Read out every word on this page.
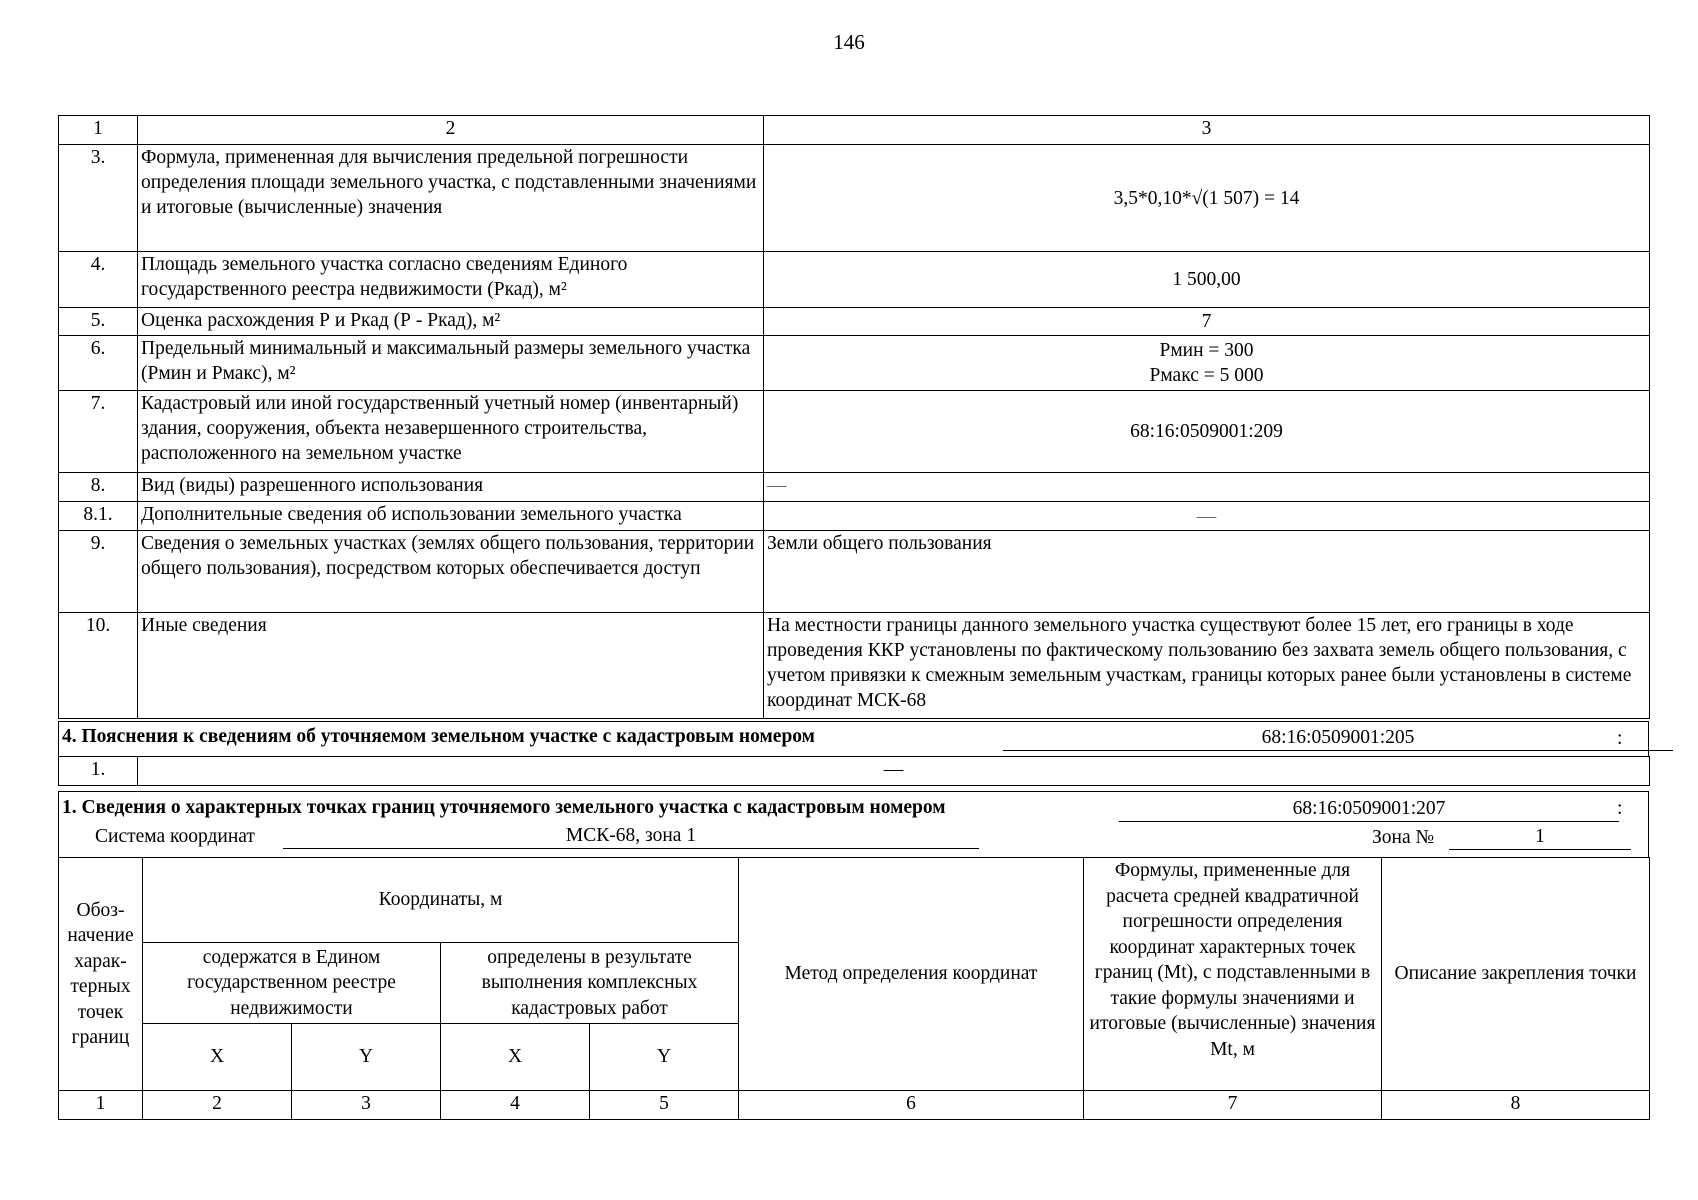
146
1	2	3
3.	Формула, примененная для вычисления предельной погрешности определения площади земельного участка, с подставленными значениями и итоговые (вычисленные) значения	3,5*0,10*√(1 507) = 14
4.	Площадь земельного участка согласно сведениям Единого государственного реестра недвижимости (Ркад), м²	1 500,00
5.	Оценка расхождения Р и Ркад (Р - Ркад), м²	7
6.	Предельный минимальный и максимальный размеры земельного участка (Рмин и Рмакс), м²	Рмин = 300
Рмакс = 5 000

7.	Кадастровый или иной государственный учетный номер (инвентарный) здания, сооружения, объекта незавершенного строительства, расположенного на земельном участке	68:16:0509001:209
8.	Вид (виды) разрешенного использования	—
8.1.	Дополнительные сведения об использовании земельного участка	—
9.	Сведения о земельных участках (землях общего пользования, территории общего пользования), посредством которых обеспечивается доступ	Земли общего пользования
10.	Иные сведения	На местности границы данного земельного участка существуют более 15 лет, его границы в ходе проведения ККР установлены по фактическому пользованию без захвата земель общего пользования, с учетом привязки к смежным земельным участкам, границы которых ранее были установлены в системе координат МСК-68
4. Пояснения к сведениям об уточняемом земельном участке с кадастровым номером	68:16:0509001:205	:
1.	—
1. Сведения о характерных точках границ уточняемого земельного участка с кадастровым номером	68:16:0509001:207	:
Система координат	МСК-68, зона 1	Зона №	1
Обоз-начение харак-терных точек границ	Координаты, м				Метод определения координат	Формулы, примененные для расчета средней квадратичной погрешности определения координат характерных точек границ (Mt), с подставленными в такие формулы значениями и итоговые (вычисленные) значения Mt, м	Описание закрепления точки
	содержатся в Едином государственном реестре недвижимости		определены в результате выполнения комплексных кадастровых работ				
	X	Y	X	Y			
1	2	3	4	5	6	7	8
